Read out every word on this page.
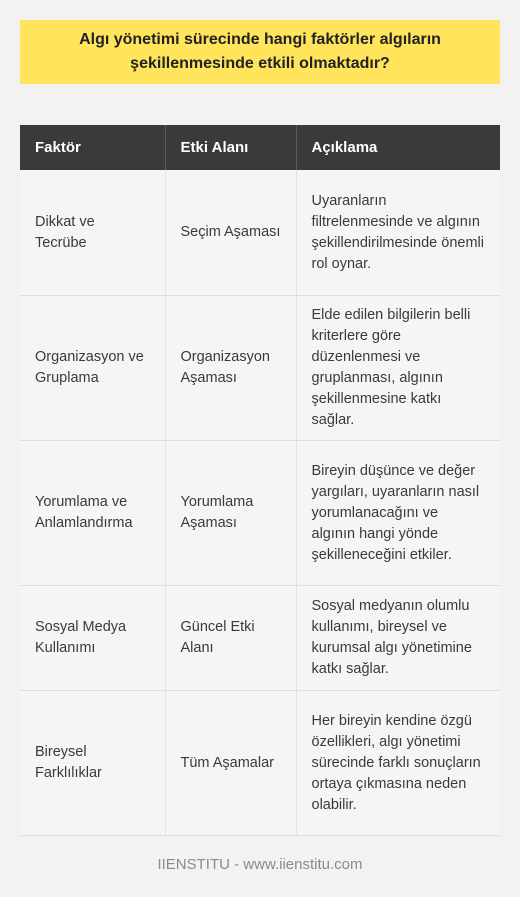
Algı yönetimi sürecinde hangi faktörler algıların şekillenmesinde etkili olmaktadır?
Faktör	Etki Alanı	Açıklama
Dikkat ve Tecrübe	Seçim Aşaması	Uyaranların filtrelenmesinde ve algının şekillendirilmesinde önemli rol oynar.
Organizasyon ve Gruplama	Organizasyon Aşaması	Elde edilen bilgilerin belli kriterlere göre düzenlenmesi ve gruplanması, algının şekillenmesine katkı sağlar.
Yorumlama ve Anlamlandırma	Yorumlama Aşaması	Bireyin düşünce ve değer yargıları, uyaranların nasıl yorumlanacağını ve algının hangi yönde şekilleneceğini etkiler.
Sosyal Medya Kullanımı	Güncel Etki Alanı	Sosyal medyanın olumlu kullanımı, bireysel ve kurumsal algı yönetimine katkı sağlar.
Bireysel Farklılıklar	Tüm Aşamalar	Her bireyin kendine özgü özellikleri, algı yönetimi sürecinde farklı sonuçların ortaya çıkmasına neden olabilir.
IIENSTITU - www.iienstitu.com
